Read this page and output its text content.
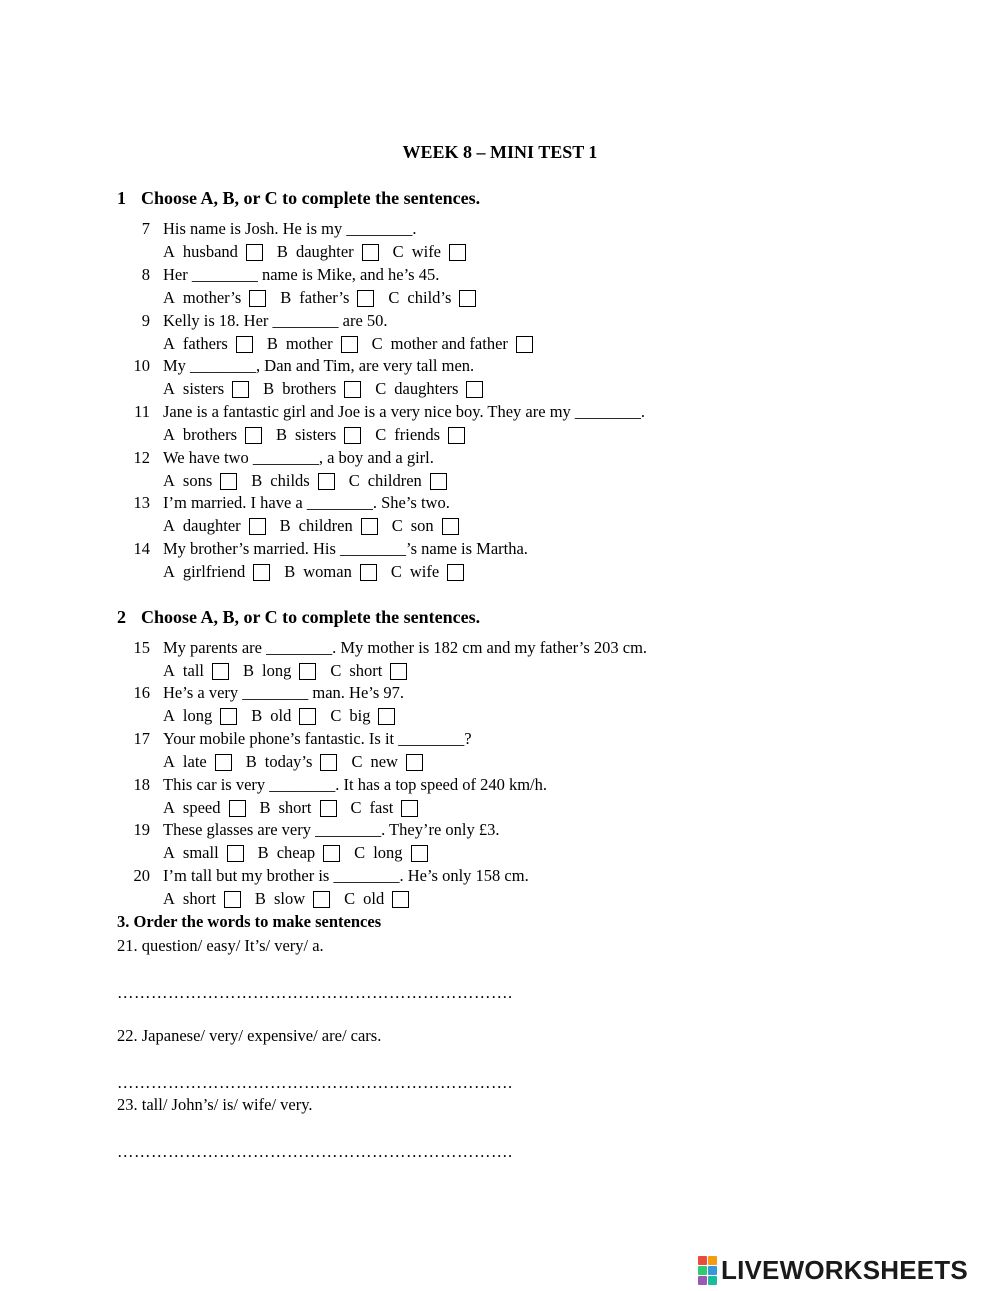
WEEK 8 – MINI TEST 1
1 Choose A, B, or C to complete the sentences.
7 His name is Josh. He is my ________.
A husband B daughter C wife
8 Her ________ name is Mike, and he’s 45.
A mother’s B father’s C child’s
9 Kelly is 18. Her ________ are 50.
A fathers B mother C mother and father
10 My ________, Dan and Tim, are very tall men.
A sisters B brothers C daughters
11 Jane is a fantastic girl and Joe is a very nice boy. They are my ________.
A brothers B sisters C friends
12 We have two ________, a boy and a girl.
A sons B childs C children
13 I’m married. I have a ________. She’s two.
A daughter B children C son
14 My brother’s married. His ________’s name is Martha.
A girlfriend B woman C wife
2 Choose A, B, or C to complete the sentences.
15 My parents are ________. My mother is 182 cm and my father’s 203 cm.
A tall B long C short
16 He’s a very ________ man. He’s 97.
A long B old C big
17 Your mobile phone’s fantastic. Is it ________?
A late B today’s C new
18 This car is very ________. It has a top speed of 240 km/h.
A speed B short C fast
19 These glasses are very ________. They’re only £3.
A small B cheap C long
20 I’m tall but my brother is ________. He’s only 158 cm.
A short B slow C old
3. Order the words to make sentences
21. question/ easy/ It’s/ very/ a.
…………………………………………………………….
22. Japanese/ very/ expensive/ are/ cars.
…………………………………………………………….
23. tall/ John’s/ is/ wife/ very.
…………………………………………………………….
LIVEWORKSHEETS
